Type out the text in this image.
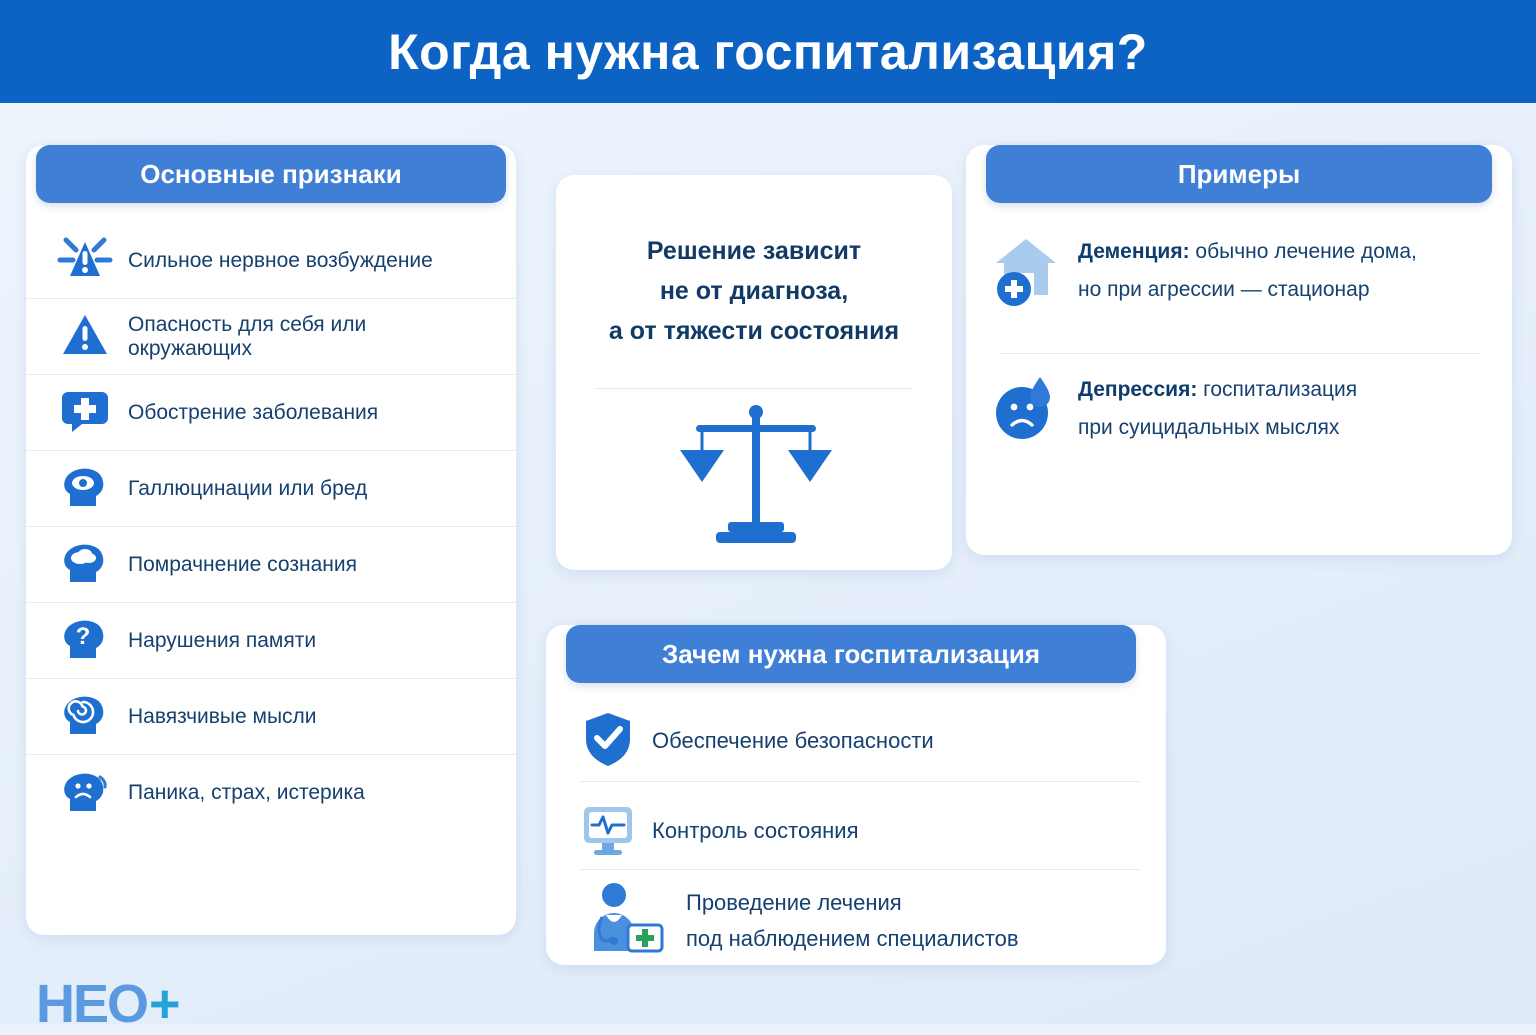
Когда нужна госпитализация?
Основные признаки
Сильное нервное возбуждение
Опасность для себя или окружающих
Обострение заболевания
Галлюцинации или бред
Помрачнение сознания
? Нарушения памяти
Навязчивые мысли
Паника, страх, истерика
Решение зависит
не от диагноза,
а от тяжести состояния
Примеры
Деменция: обычно лечение дома,
но при агрессии — стационар
Депрессия: госпитализация
при суицидальных мыслях
Зачем нужна госпитализация
Обеспечение безопасности
Контроль состояния
Проведение лечения
под наблюдением специалистов
HEO +
